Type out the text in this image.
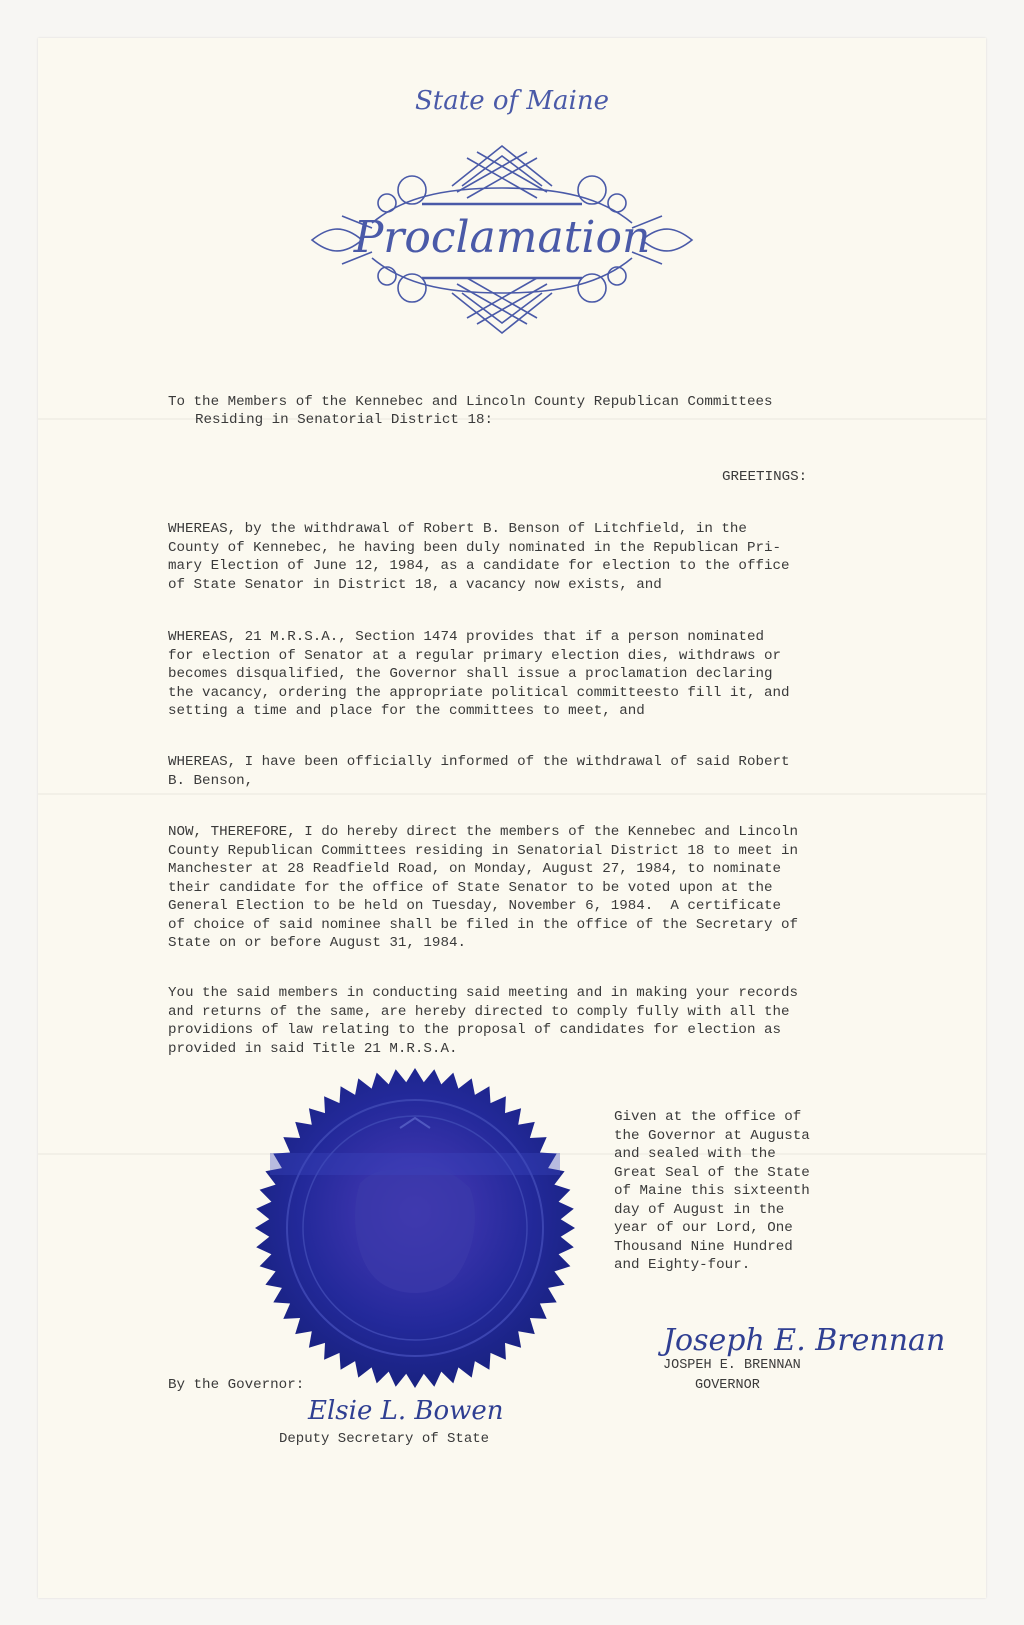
State of Maine
Proclamation
To the Members of the Kennebec and Lincoln County Republican Committees
Residing in Senatorial District 18:
GREETINGS:
WHEREAS, by the withdrawal of Robert B. Benson of Litchfield, in the
County of Kennebec, he having been duly nominated in the Republican Pri-
mary Election of June 12, 1984, as a candidate for election to the office
of State Senator in District 18, a vacancy now exists, and
WHEREAS, 21 M.R.S.A., Section 1474 provides that if a person nominated
for election of Senator at a regular primary election dies, withdraws or
becomes disqualified, the Governor shall issue a proclamation declaring
the vacancy, ordering the appropriate political committeesto fill it, and
setting a time and place for the committees to meet, and
WHEREAS, I have been officially informed of the withdrawal of said Robert
B. Benson,
NOW, THEREFORE, I do hereby direct the members of the Kennebec and Lincoln
County Republican Committees residing in Senatorial District 18 to meet in
Manchester at 28 Readfield Road, on Monday, August 27, 1984, to nominate
their candidate for the office of State Senator to be voted upon at the
General Election to be held on Tuesday, November 6, 1984.  A certificate
of choice of said nominee shall be filed in the office of the Secretary of
State on or before August 31, 1984.
You the said members in conducting said meeting and in making your records
and returns of the same, are hereby directed to comply fully with all the
providions of law relating to the proposal of candidates for election as
provided in said Title 21 M.R.S.A.
Given at the office of
the Governor at Augusta
and sealed with the
Great Seal of the State
of Maine this sixteenth
day of August in the
year of our Lord, One
Thousand Nine Hundred
and Eighty-four.
Joseph E. Brennan
JOSPEH E. BRENNAN
GOVERNOR
By the Governor:
Elsie L. Bowen
Deputy Secretary of State
